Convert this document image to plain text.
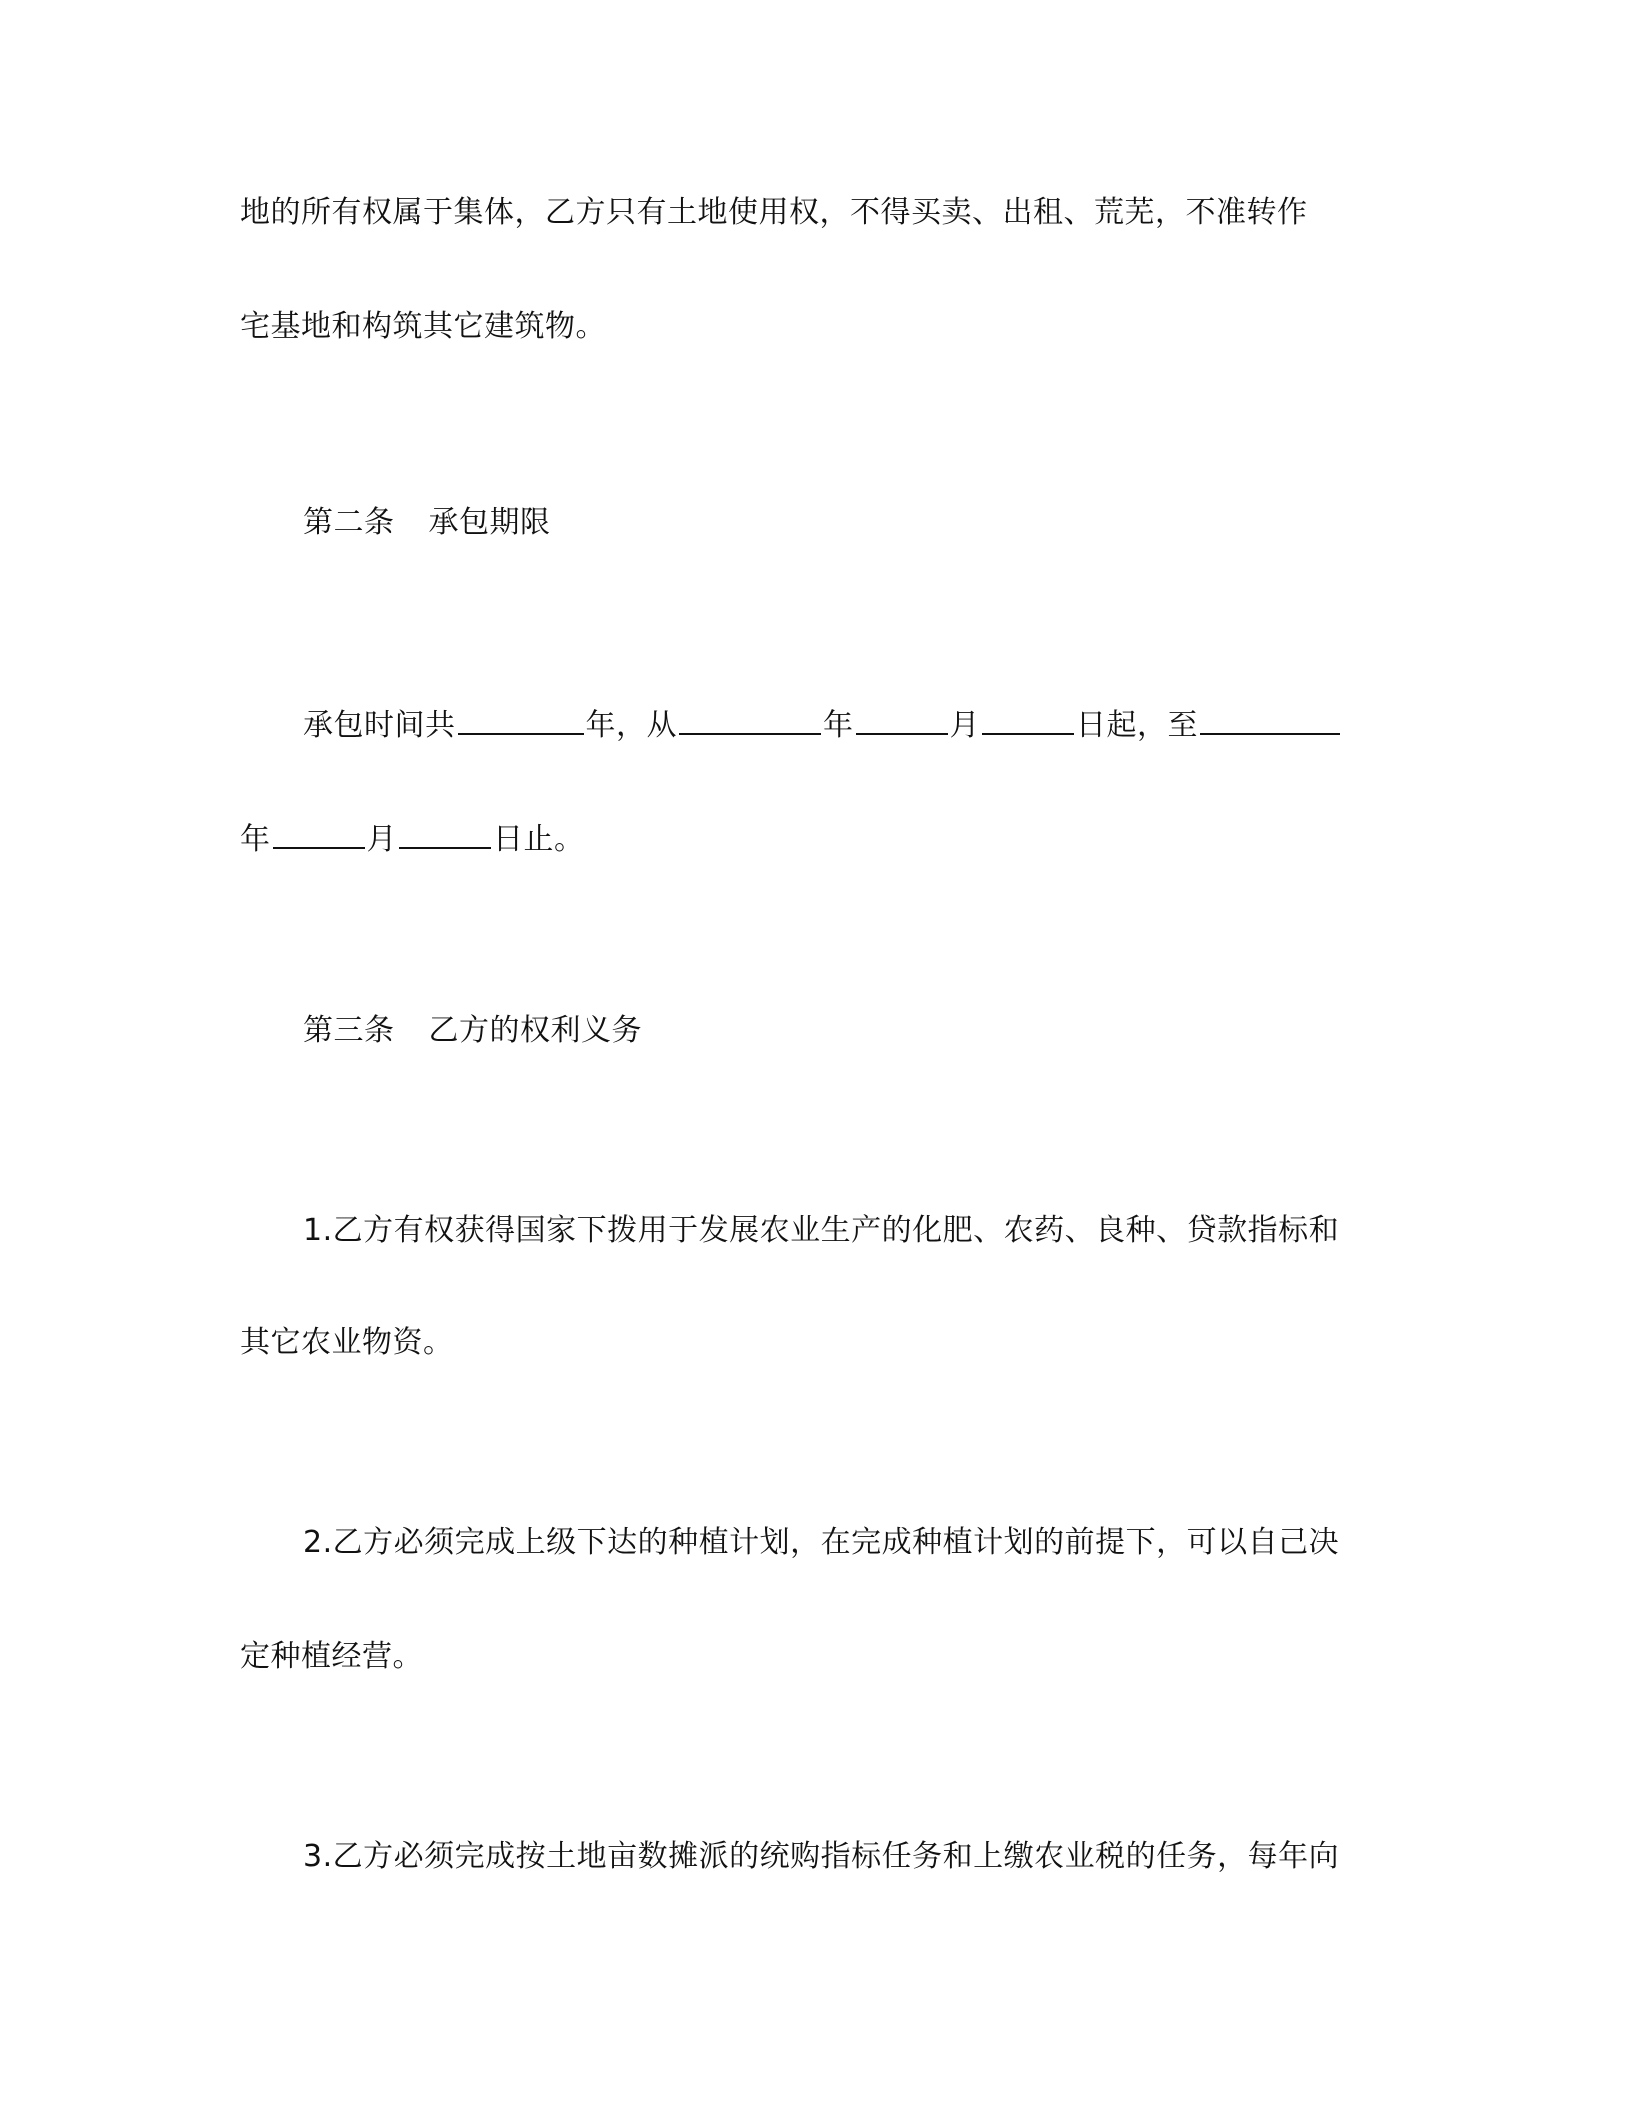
地的所有权属于集体，乙方只有土地使用权，不得买卖、出租、荒芜，不准转作
宅基地和构筑其它建筑物。
第二条 承包期限
承包时间共	年，从	年	月	日起，至
年	月	日止。
第三条 乙方的权利义务
1.乙方有权获得国家下拨用于发展农业生产的化肥、农药、良种、贷款指标和
其它农业物资。
2.乙方必须完成上级下达的种植计划，在完成种植计划的前提下，可以自己决
定种植经营。
3.乙方必须完成按土地亩数摊派的统购指标任务和上缴农业税的任务，每年向
